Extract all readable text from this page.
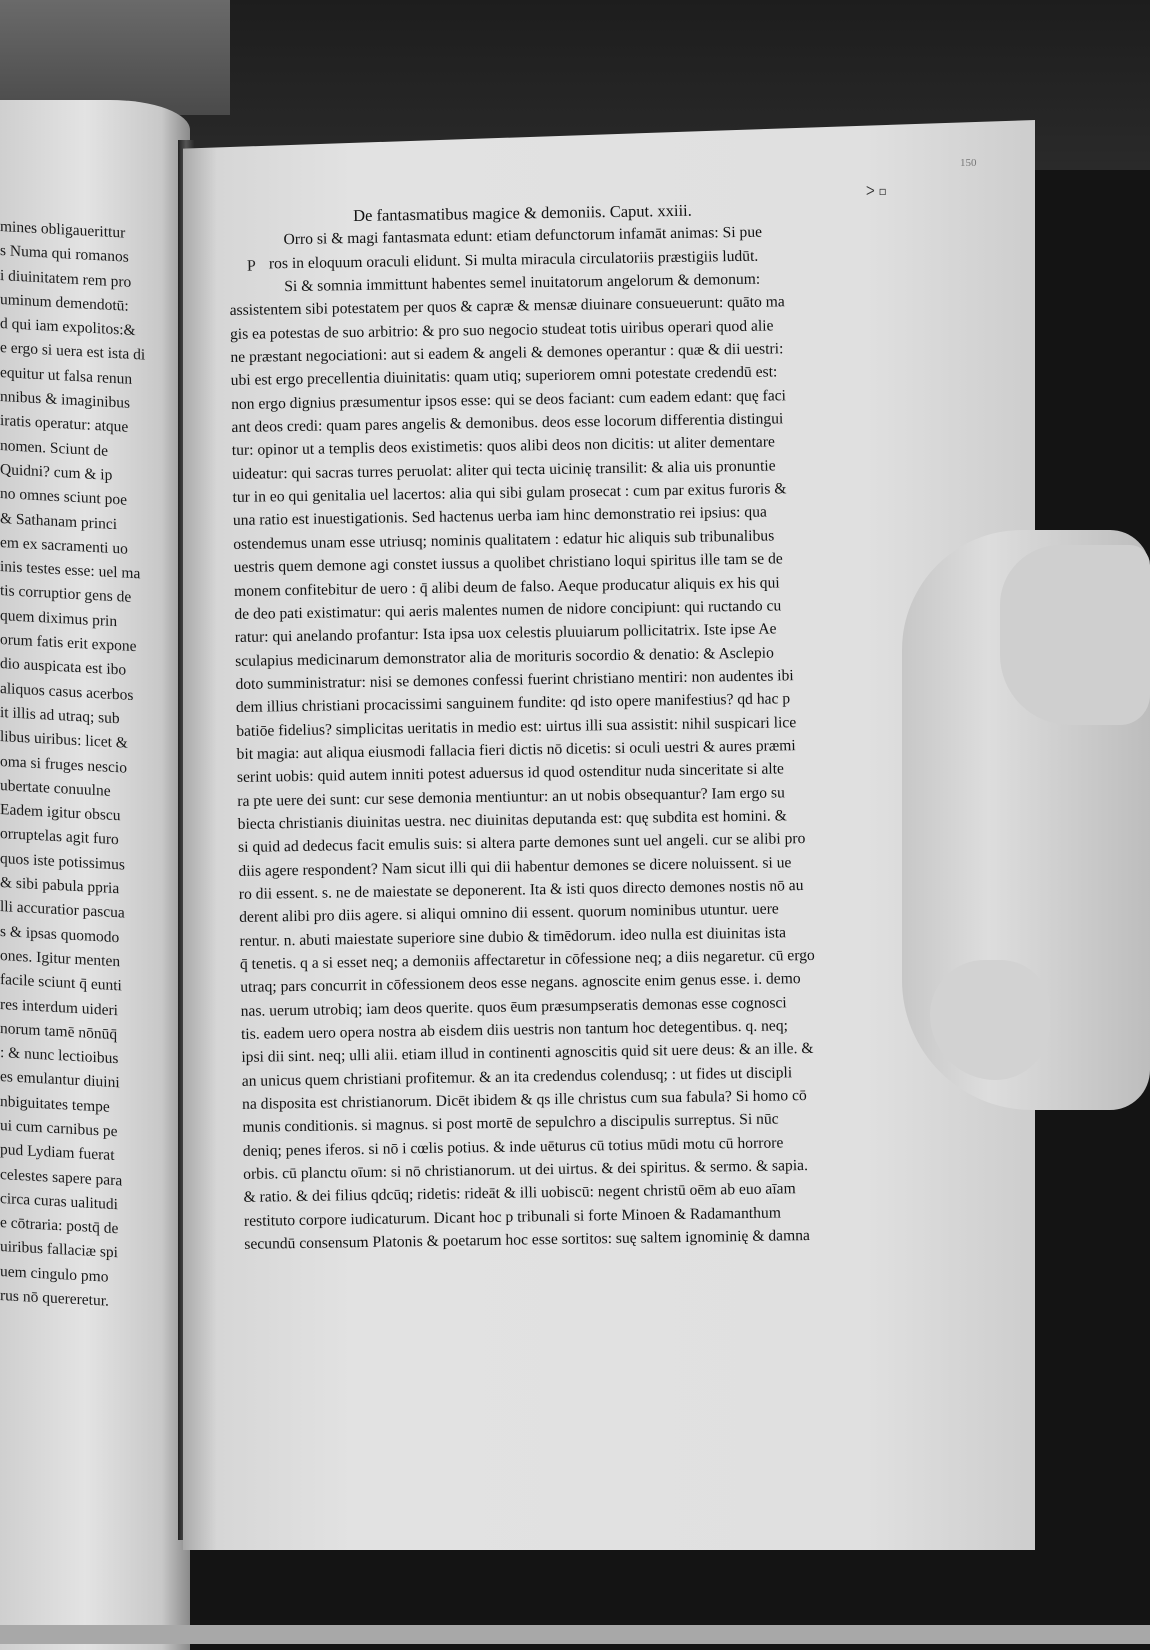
mines obligauerittur
s Numa qui romanos
i diuinitatem rem pro
uminum demendotū:
d qui iam expolitos:&
e ergo si uera est ista di
equitur ut falsa renun
nnibus & imaginibus
iratis operatur: atque
nomen. Sciunt de
Quidni? cum & ip
no omnes sciunt poe
& Sathanam princi
em ex sacramenti uo
inis testes esse: uel ma
tis corruptior gens de
quem diximus prin
orum fatis erit expone
dio auspicata est ibo
aliquos casus acerbos
it illis ad utraq; sub
libus uiribus: licet &
oma si fruges nescio
ubertate conuulne
Eadem igitur obscu
orruptelas agit furo
quos iste potissimus
& sibi pabula ppria
lli accuratior pascua
s & ipsas quomodo
ones. Igitur menten
facile sciunt q̄ eunti
res interdum uideri
norum tamē nōnūq̄
: & nunc lectioibus
es emulantur diuini
nbiguitates tempe
ui cum carnibus pe
pud Lydiam fuerat
celestes sapere para
circa curas ualitudi
e cōtraria: postq̄ de
uiribus fallaciæ spi
uem cingulo pmo
rus nō quereretur.
150
ᐳ ▫
De fantasmatibus magice & demoniis. Caput. xxiii.
Orro si & magi fantasmata edunt: etiam defunctorum infamāt animas: Si pue
P ros in eloquum oraculi elidunt. Si multa miracula circulatoriis præstigiis ludūt.
Si & somnia immittunt habentes semel inuitatorum angelorum & demonum:
assistentem sibi potestatem per quos & capræ & mensæ diuinare consueuerunt: quāto ma
gis ea potestas de suo arbitrio: & pro suo negocio studeat totis uiribus operari quod alie
ne præstant negociationi: aut si eadem & angeli & demones operantur : quæ & dii uestri:
ubi est ergo precellentia diuinitatis: quam utiq; superiorem omni potestate credendū est:
non ergo dignius præsumentur ipsos esse: qui se deos faciant: cum eadem edant: quę faci
ant deos credi: quam pares angelis & demonibus. deos esse locorum differentia distingui
tur: opinor ut a templis deos existimetis: quos alibi deos non dicitis: ut aliter dementare
uideatur: qui sacras turres peruolat: aliter qui tecta uicinię transilit: & alia uis pronuntie
tur in eo qui genitalia uel lacertos: alia qui sibi gulam prosecat : cum par exitus furoris &
una ratio est inuestigationis. Sed hactenus uerba iam hinc demonstratio rei ipsius: qua
ostendemus unam esse utriusq; nominis qualitatem : edatur hic aliquis sub tribunalibus
uestris quem demone agi constet iussus a quolibet christiano loqui spiritus ille tam se de
monem confitebitur de uero : q̄ alibi deum de falso. Aeque producatur aliquis ex his qui
de deo pati existimatur: qui aeris malentes numen de nidore concipiunt: qui ructando cu
ratur: qui anelando profantur: Ista ipsa uox celestis pluuiarum pollicitatrix. Iste ipse Ae
sculapius medicinarum demonstrator alia de morituris socordio & denatio: & Asclepio
doto sumministratur: nisi se demones confessi fuerint christiano mentiri: non audentes ibi
dem illius christiani procacissimi sanguinem fundite: qd isto opere manifestius? qd hac p
batiōe fidelius? simplicitas ueritatis in medio est: uirtus illi sua assistit: nihil suspicari lice
bit magia: aut aliqua eiusmodi fallacia fieri dictis nō dicetis: si oculi uestri & aures præmi
serint uobis: quid autem inniti potest aduersus id quod ostenditur nuda sinceritate si alte
ra pte uere dei sunt: cur sese demonia mentiuntur: an ut nobis obsequantur? Iam ergo su
biecta christianis diuinitas uestra. nec diuinitas deputanda est: quę subdita est homini. &
si quid ad dedecus facit emulis suis: si altera parte demones sunt uel angeli. cur se alibi pro
diis agere respondent? Nam sicut illi qui dii habentur demones se dicere noluissent. si ue
ro dii essent. s. ne de maiestate se deponerent. Ita & isti quos directo demones nostis nō au
derent alibi pro diis agere. si aliqui omnino dii essent. quorum nominibus utuntur. uere
rentur. n. abuti maiestate superiore sine dubio & timēdorum. ideo nulla est diuinitas ista
q̄ tenetis. q a si esset neq; a demoniis affectaretur in cōfessione neq; a diis negaretur. cū ergo
utraq; pars concurrit in cōfessionem deos esse negans. agnoscite enim genus esse. i. demo
nas. uerum utrobiq; iam deos querite. quos ēum præsumpseratis demonas esse cognosci
tis. eadem uero opera nostra ab eisdem diis uestris non tantum hoc detegentibus. q. neq;
ipsi dii sint. neq; ulli alii. etiam illud in continenti agnoscitis quid sit uere deus: & an ille. &
an unicus quem christiani profitemur. & an ita credendus colendusq; : ut fides ut discipli
na disposita est christianorum. Dicēt ibidem & qs ille christus cum sua fabula? Si homo cō
munis conditionis. si magnus. si post mortē de sepulchro a discipulis surreptus. Si nūc
deniq; penes iferos. si nō i cœlis potius. & inde uēturus cū totius mūdi motu cū horrore
orbis. cū planctu oīum: si nō christianorum. ut dei uirtus. & dei spiritus. & sermo. & sapia.
& ratio. & dei filius qdcūq; ridetis: rideāt & illi uobiscū: negent christū oēm ab euo aīam
restituto corpore iudicaturum. Dicant hoc p tribunali si forte Minoen & Radamanthum
secundū consensum Platonis & poetarum hoc esse sortitos: suę saltem ignominię & damna
